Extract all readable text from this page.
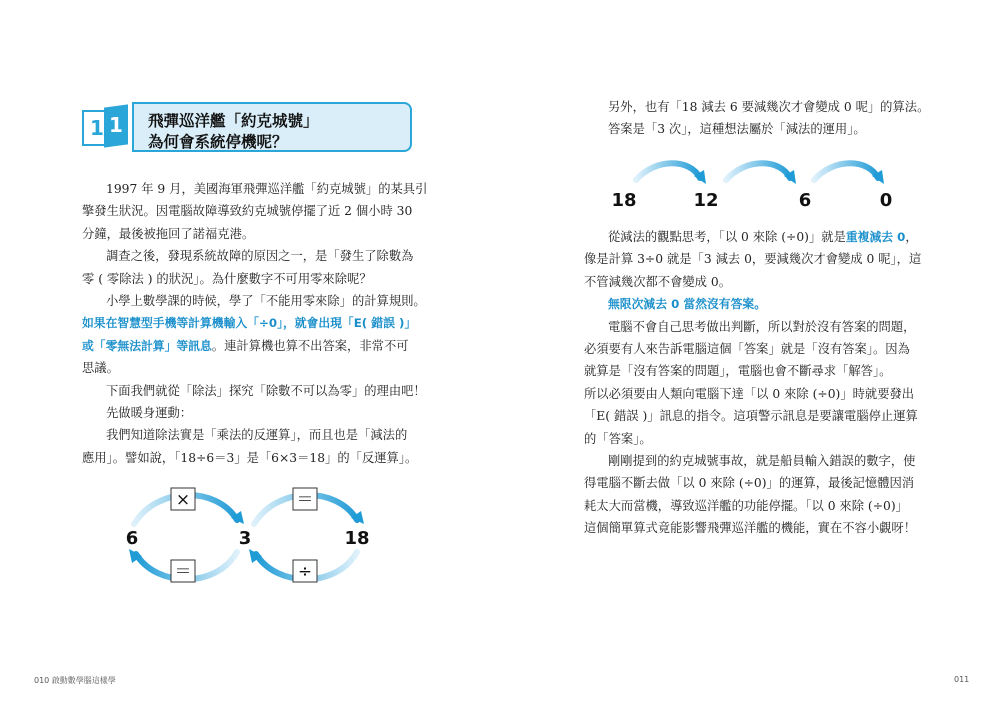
1 1	飛彈巡洋艦「約克城號」
為何會系統停機呢？
1997 年 9 月，美國海軍飛彈巡洋艦「約克城號」的某具引
擎發生狀況。因電腦故障導致約克城號停擺了近 2 個小時 30
分鐘，最後被拖回了諾福克港。
調查之後，發現系統故障的原因之一，是「發生了除數為
零 ( 零除法 ) 的狀況」。為什麼數字不可用零來除呢？
小學上數學課的時候，學了「不能用零來除」的計算規則。
如果在智慧型手機等計算機輸入「÷0」，就會出現「E( 錯誤 )」
或「零無法計算」等訊息。連計算機也算不出答案，非常不可
思議。
下面我們就從「除法」探究「除數不可以為零」的理由吧！
先做暖身運動：
我們知道除法實是「乘法的反運算」，而且也是「減法的
應用」。譬如說，「18÷6＝3」是「6×3＝18」的「反運算」。
×	＝
＝	÷
6	3	18
010 啟動數學腦這樣學
另外，也有「18 減去 6 要減幾次才會變成 0 呢」的算法。
答案是「3 次」，這種想法屬於「減法的運用」。
18	12	6	0
從減法的觀點思考，「以 0 來除 (÷0)」就是重複減去 0，
像是計算 3÷0 就是「3 減去 0，要減幾次才會變成 0 呢」，這
不管減幾次都不會變成 0。
無限次減去 0 當然沒有答案。
電腦不會自己思考做出判斷，所以對於沒有答案的問題，
必須要有人來告訴電腦這個「答案」就是「沒有答案」。因為
就算是「沒有答案的問題」，電腦也會不斷尋求「解答」。
所以必須要由人類向電腦下達「以 0 來除 (÷0)」時就要發出
「E( 錯誤 )」訊息的指令。這項警示訊息是要讓電腦停止運算
的「答案」。
剛剛提到的約克城號事故，就是船員輸入錯誤的數字，使
得電腦不斷去做「以 0 來除 (÷0)」的運算，最後記憶體因消
耗太大而當機，導致巡洋艦的功能停擺。「以 0 來除 (÷0)」
這個簡單算式竟能影響飛彈巡洋艦的機能，實在不容小覷呀！
011
